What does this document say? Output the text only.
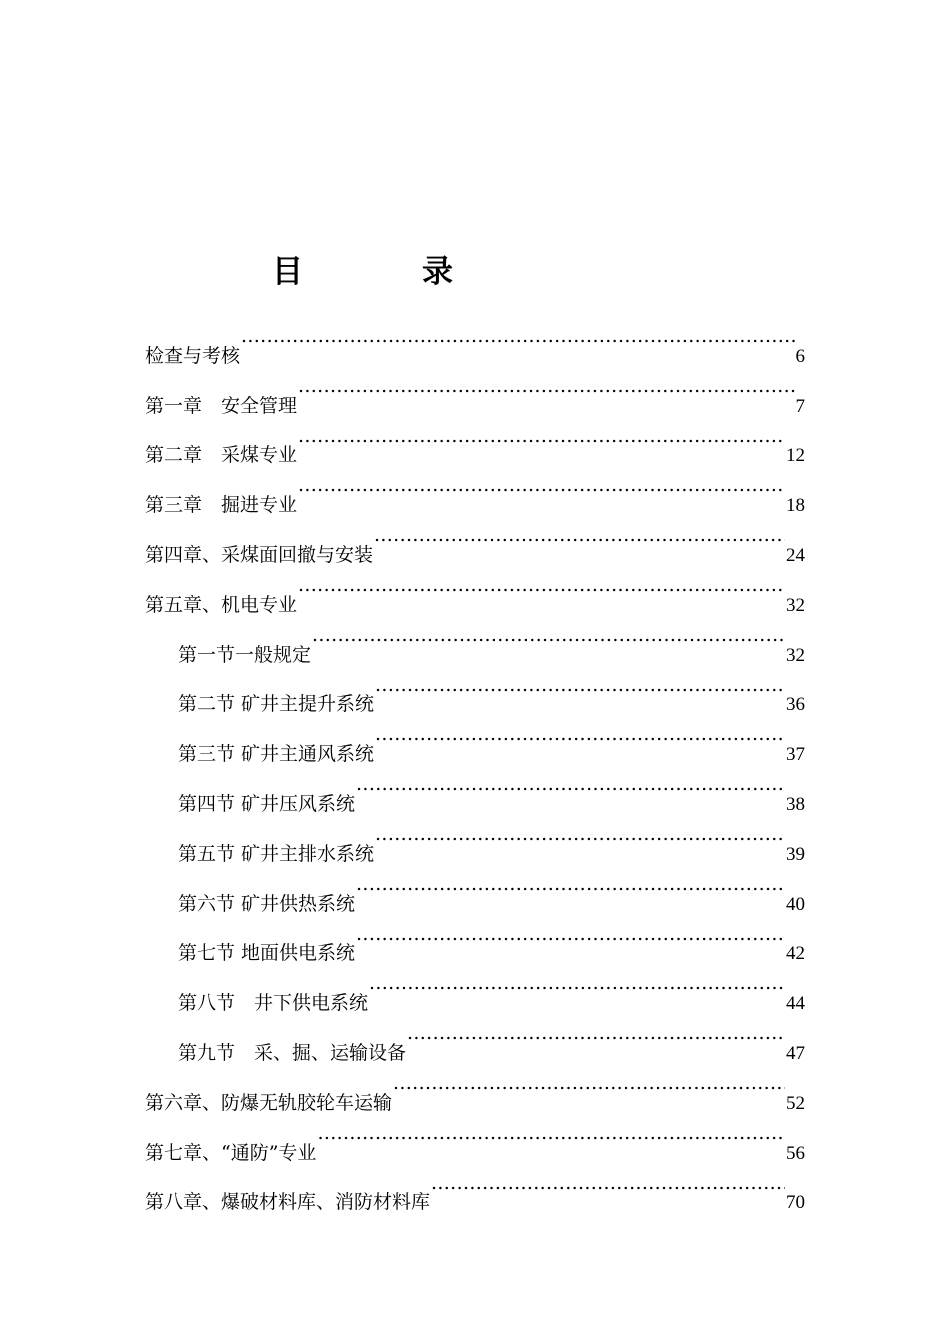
目　录
检查与考核 .....	6
第一章　安全管理 .....	7
第二章　采煤专业 .....	12
第三章　掘进专业 .....	18
第四章、采煤面回撤与安装 .....	24
第五章、机电专业 .....	32
第一节一般规定 .....	32
第二节 矿井主提升系统 .....	36
第三节 矿井主通风系统 .....	37
第四节 矿井压风系统 .....	38
第五节 矿井主排水系统 .....	39
第六节 矿井供热系统 .....	40
第七节 地面供电系统 .....	42
第八节　井下供电系统 .....	44
第九节　采、掘、运输设备 .....	47
第六章、防爆无轨胶轮车运输 .....	52
第七章、“通防”专业 .....	56
第八章、爆破材料库、消防材料库 .....	70
